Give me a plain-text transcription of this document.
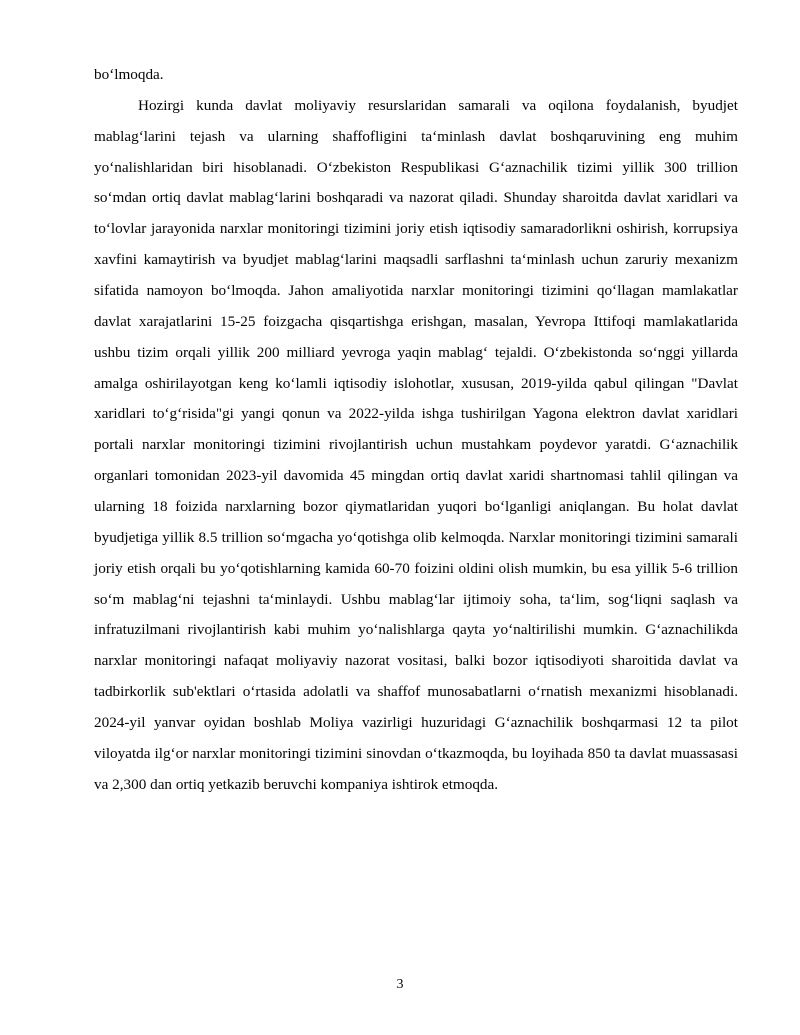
bo‘lmoqda.

Hozirgi kunda davlat moliyaviy resurslaridan samarali va oqilona foydalanish, byudjet mablag‘larini tejash va ularning shaffofligini ta‘minlash davlat boshqaruvining eng muhim yo‘nalishlaridan biri hisoblanadi. O‘zbekiston Respublikasi G‘aznachilik tizimi yillik 300 trillion so‘mdan ortiq davlat mablag‘larini boshqaradi va nazorat qiladi. Shunday sharoitda davlat xaridlari va to‘lovlar jarayonida narxlar monitoringi tizimini joriy etish iqtisodiy samaradorlikni oshirish, korrupsiya xavfini kamaytirish va byudjet mablag‘larini maqsadli sarflashni ta‘minlash uchun zaruriy mexanizm sifatida namoyon bo‘lmoqda. Jahon amaliyotida narxlar monitoringi tizimini qo‘llagan mamlakatlar davlat xarajatlarini 15-25 foizgacha qisqartishga erishgan, masalan, Yevropa Ittifoqi mamlakatlarida ushbu tizim orqali yillik 200 milliard yevroga yaqin mablag‘ tejaldi. O‘zbekistonda so‘nggi yillarda amalga oshirilayotgan keng ko‘lamli iqtisodiy islohotlar, xususan, 2019-yilda qabul qilingan "Davlat xaridlari to‘g‘risida"gi yangi qonun va 2022-yilda ishga tushirilgan Yagona elektron davlat xaridlari portali narxlar monitoringi tizimini rivojlantirish uchun mustahkam poydevor yaratdi. G‘aznachilik organlari tomonidan 2023-yil davomida 45 mingdan ortiq davlat xaridi shartnomasi tahlil qilingan va ularning 18 foizida narxlarning bozor qiymatlaridan yuqori bo‘lganligi aniqlangan. Bu holat davlat byudjetiga yillik 8.5 trillion so‘mgacha yo‘qotishga olib kelmoqda. Narxlar monitoringi tizimini samarali joriy etish orqali bu yo‘qotishlarning kamida 60-70 foizini oldini olish mumkin, bu esa yillik 5-6 trillion so‘m mablag‘ni tejashni ta‘minlaydi. Ushbu mablag‘lar ijtimoiy soha, ta‘lim, sog‘liqni saqlash va infratuzilmani rivojlantirish kabi muhim yo‘nalishlarga qayta yo‘naltirilishi mumkin. G‘aznachilikda narxlar monitoringi nafaqat moliyaviy nazorat vositasi, balki bozor iqtisodiyoti sharoitida davlat va tadbirkorlik sub'ektlari o‘rtasida adolatli va shaffof munosabatlarni o‘rnatish mexanizmi hisoblanadi. 2024-yil yanvar oyidan boshlab Moliya vazirligi huzuridagi G‘aznachilik boshqarmasi 12 ta pilot viloyatda ilg‘or narxlar monitoringi tizimini sinovdan o‘tkazmoqda, bu loyihada 850 ta davlat muassasasi va 2,300 dan ortiq yetkazib beruvchi kompaniya ishtirok etmoqda.

3
